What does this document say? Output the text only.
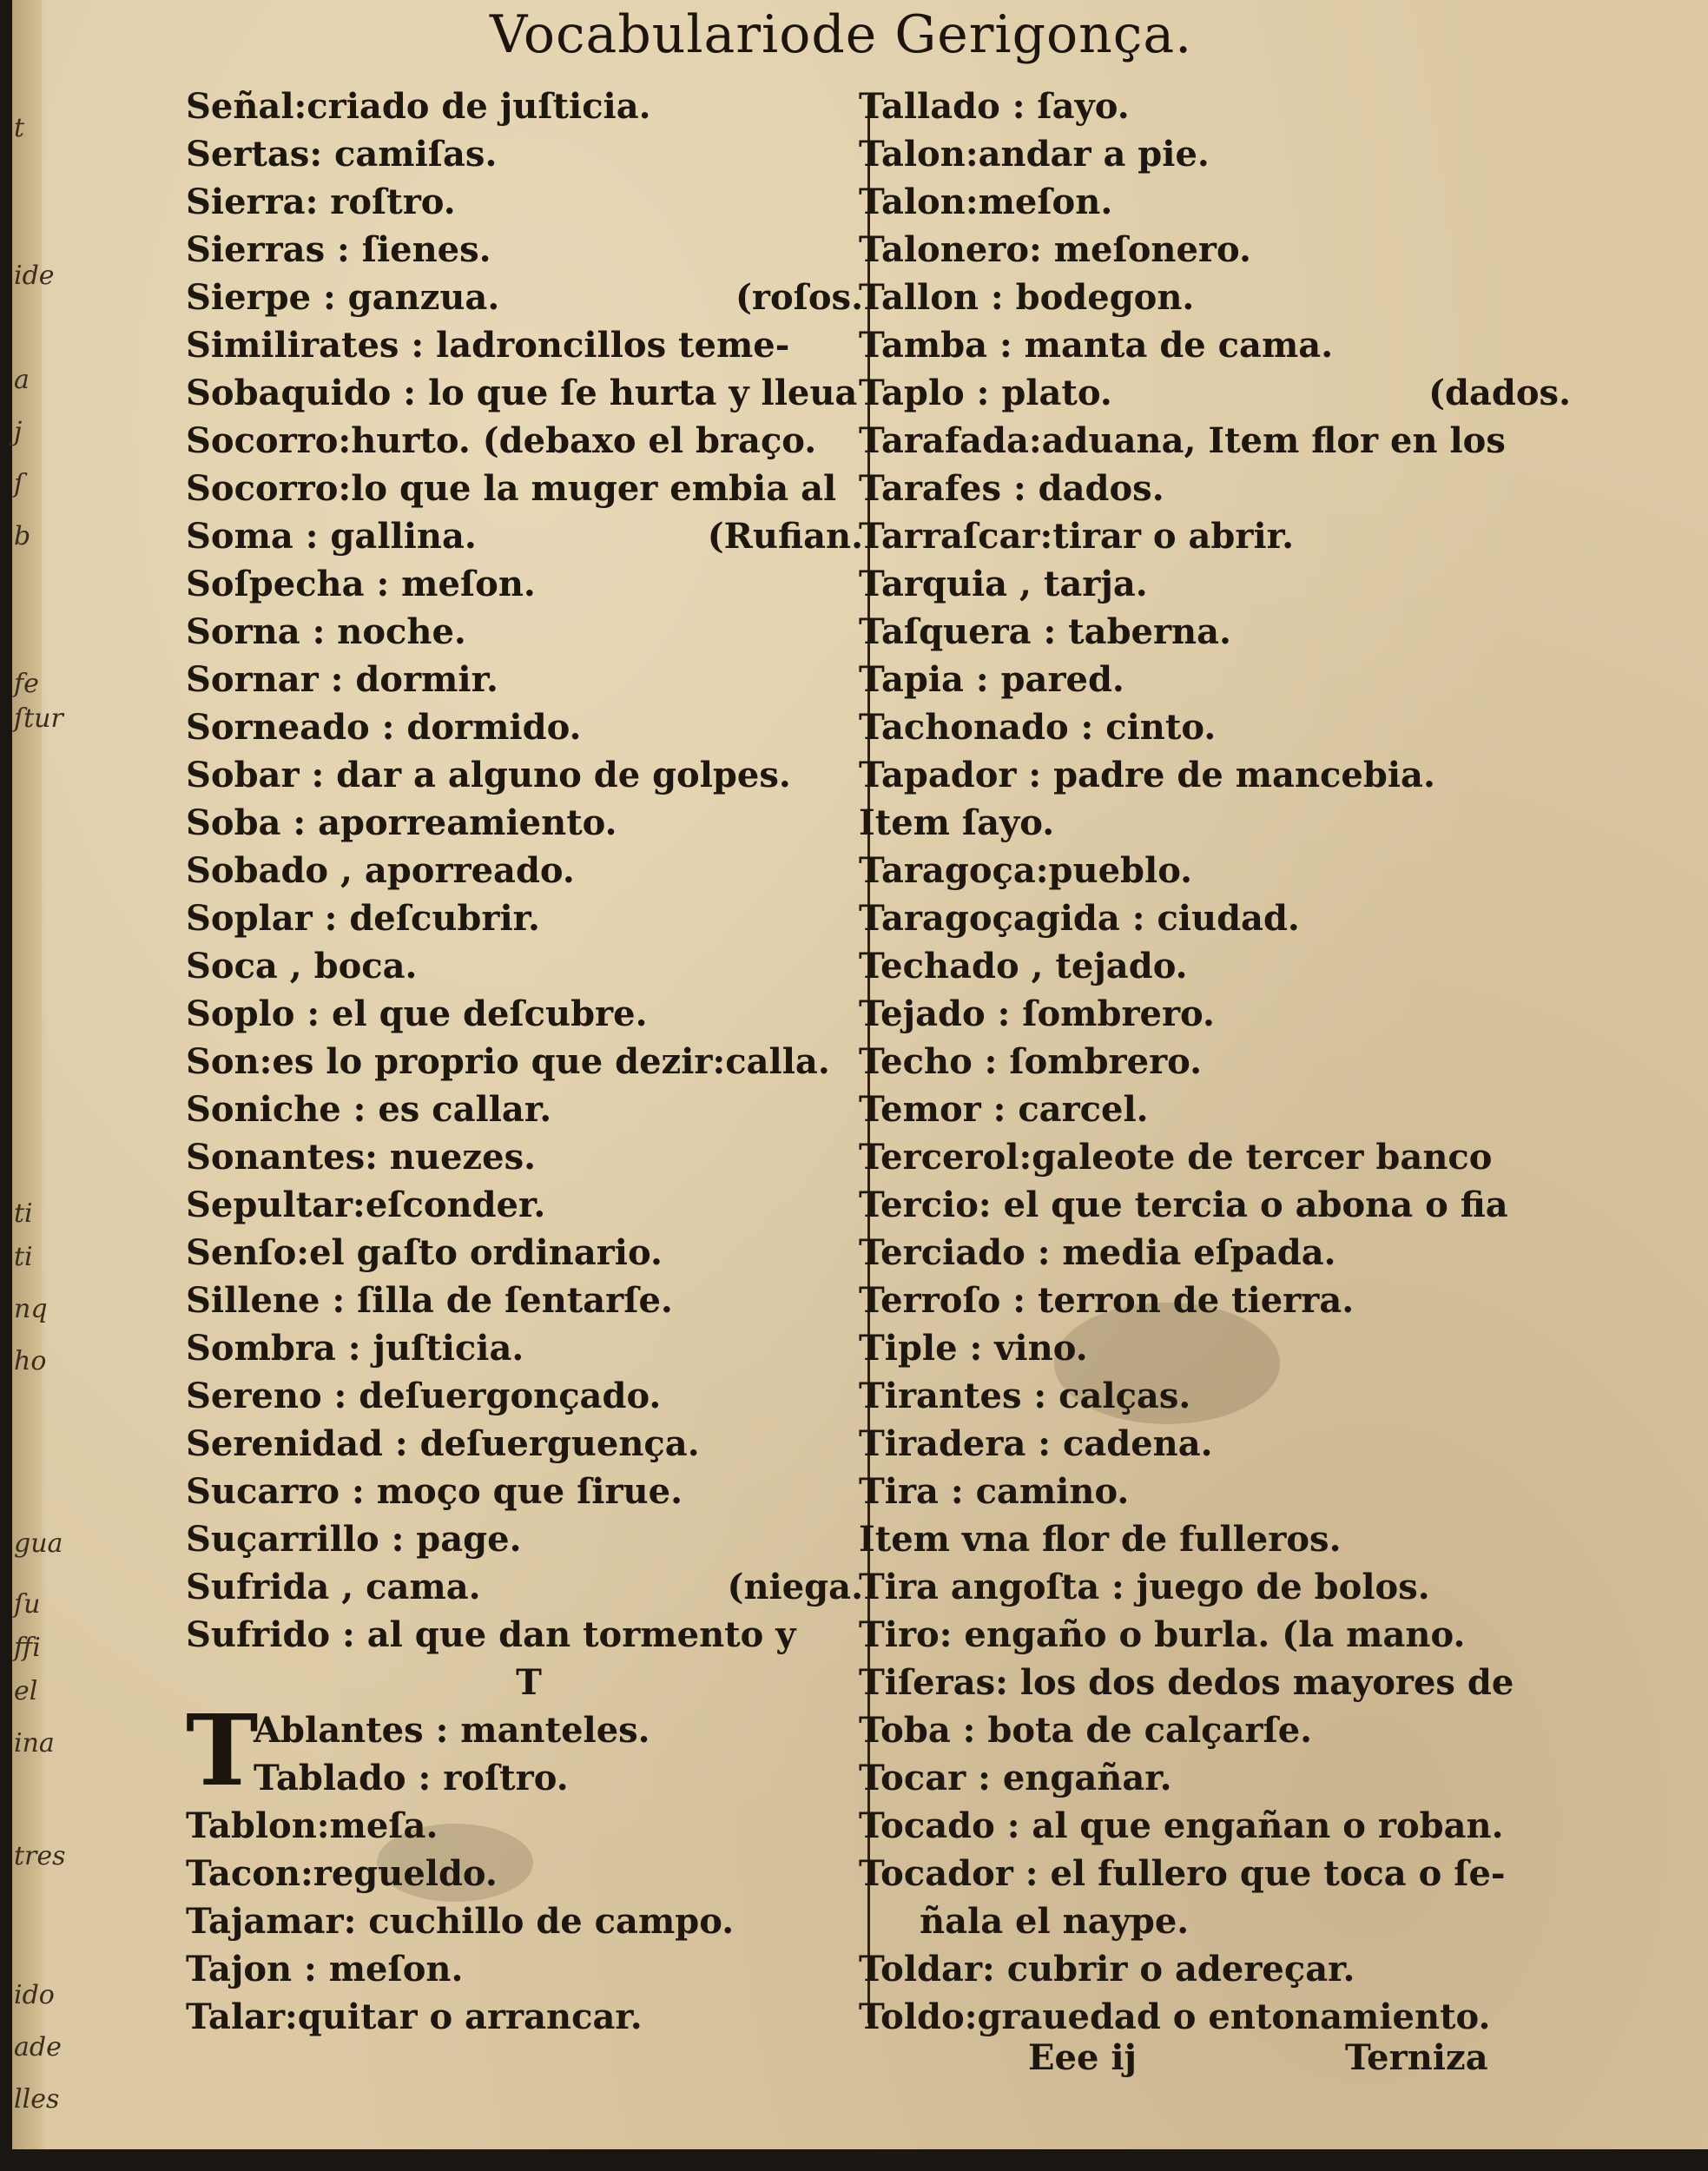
t
ide
a
j
ſ
b
fe
ſtur
ti
ti
nq
ho
gua
ſu
ffi
el
ina
tres
ido
ade
lles
Vocabulariode Gerigonça.
Señal:criado de juſticia.
Sertas: camiſas.
Sierra: roſtro.
Sierras : ſienes.
Sierpe : ganzua.	(roſos.
Similirates : ladroncillos teme-
Sobaquido : lo que ſe hurta y lleua
Socorro:hurto. (debaxo el braço.
Socorro:lo que la muger embia al
Soma : gallina.	(Rufian.
Soſpecha : meſon.
Sorna : noche.
Sornar : dormir.
Sorneado : dormido.
Sobar : dar a alguno de golpes.
Soba : aporreamiento.
Sobado , aporreado.
Soplar : deſcubrir.
Soca , boca.
Soplo : el que deſcubre.
Son:es lo proprio que dezir:calla.
Soniche : es callar.
Sonantes: nuezes.
Sepultar:eſconder.
Senſo:el gaſto ordinario.
Sillene : ſilla de ſentarſe.
Sombra : juſticia.
Sereno : deſuergonçado.
Serenidad : deſuerguença.
Sucarro : moço que ſirue.
Suçarrillo : page.
Sufrida , cama.	(niega.
Sufrido : al que dan tormento y
T
T
Ablantes : manteles.
Tablado : roſtro.
Tablon:meſa.
Tacon:regueldo.
Tajamar: cuchillo de campo.
Tajon : meſon.
Talar:quitar o arrancar.
Tallado : ſayo.
Talon:andar a pie.
Talon:meſon.
Talonero: meſonero.
Tallon : bodegon.
Tamba : manta de cama.
Taplo : plato.	(dados.
Tarafada:aduana, Item flor en los
Tarafes : dados.
Tarraſcar:tirar o abrir.
Tarquia , tarja.
Taſquera : taberna.
Tapia : pared.
Tachonado : cinto.
Tapador : padre de mancebia.
Item ſayo.
Taragoça:pueblo.
Taragoçagida : ciudad.
Techado , tejado.
Tejado : ſombrero.
Techo : ſombrero.
Temor : carcel.
Tercerol:galeote de tercer banco
Tercio: el que tercia o abona o fia
Terciado : media eſpada.
Terroſo : terron de tierra.
Tiple : vino.
Tirantes : calças.
Tiradera : cadena.
Tira : camino.
Item vna flor de fulleros.
Tira angoſta : juego de bolos.
Tiro: engaño o burla. (la mano.
Tiſeras: los dos dedos mayores de
Toba : bota de calçarſe.
Tocar : engañar.
Tocado : al que engañan o roban.
Tocador : el fullero que toca o ſe-
ñala el naype.
Toldar: cubrir o adereçar.
Toldo:grauedad o entonamiento.
Eee ij	Terniza
